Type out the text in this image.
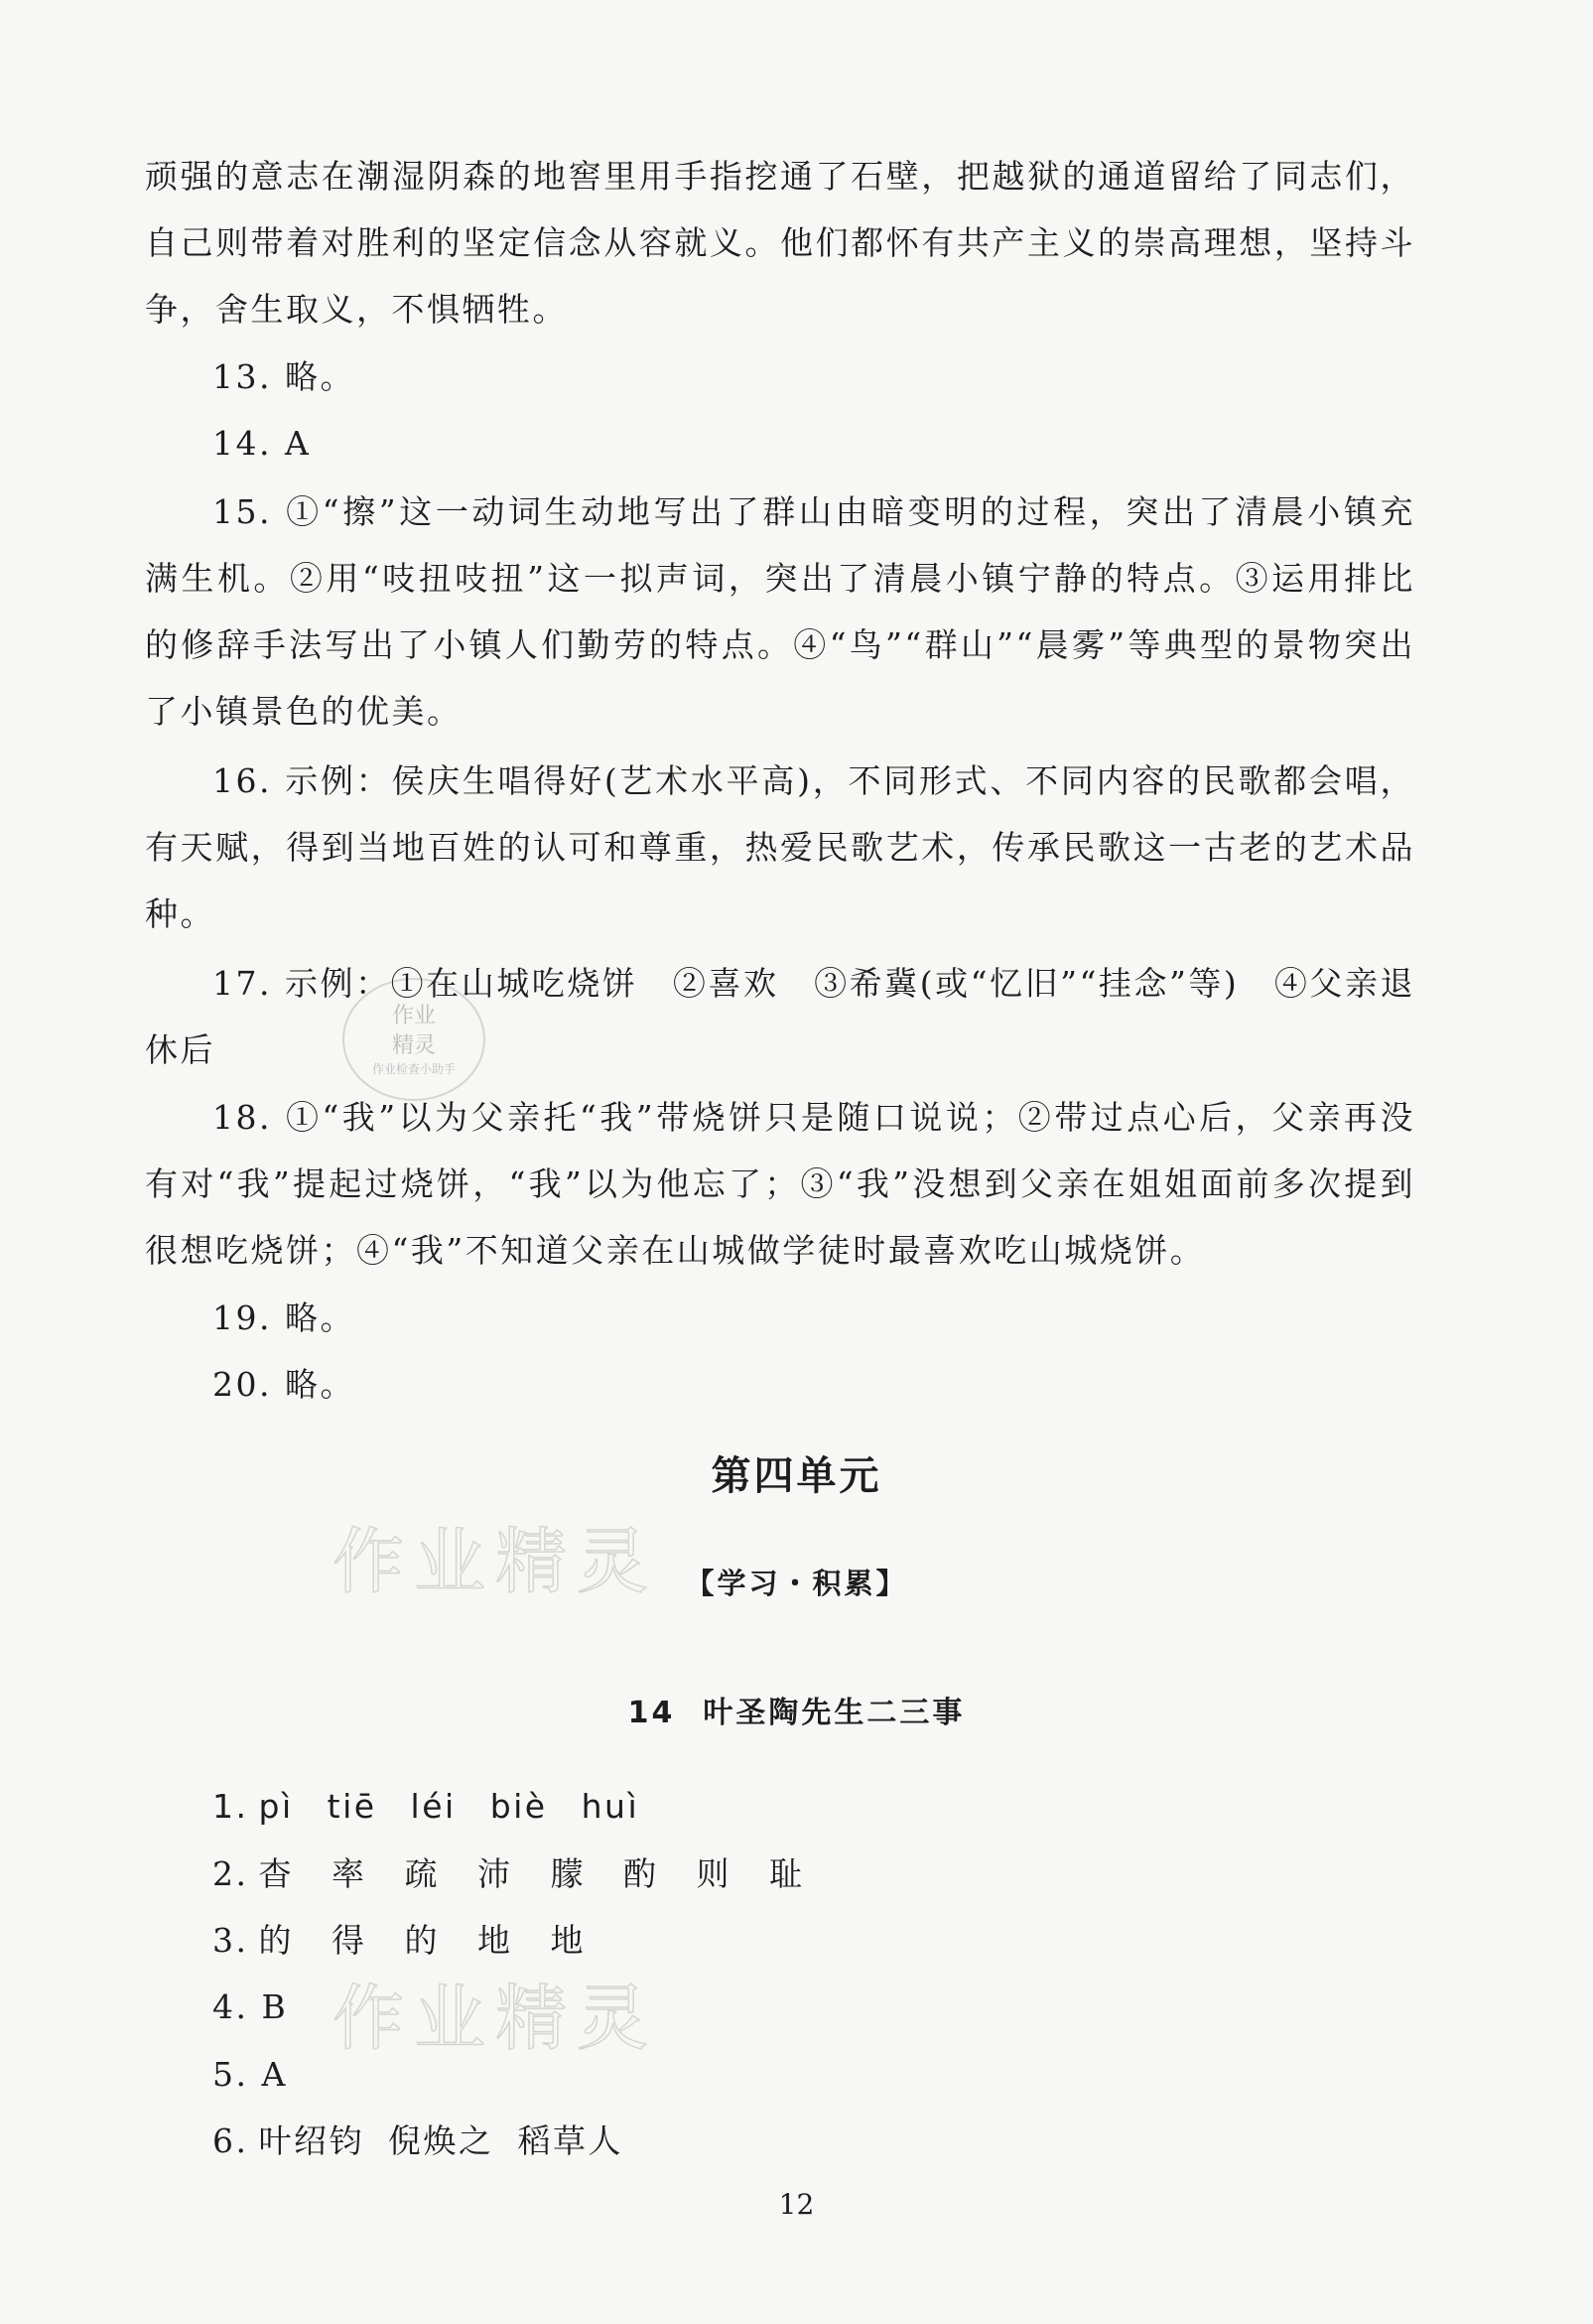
作业精灵
作业精灵
作业
精灵
作业检查小助手
顽强的意志在潮湿阴森的地窖里用手指挖通了石壁，把越狱的通道留给了同志们，自己则带着对胜利的坚定信念从容就义。他们都怀有共产主义的崇高理想，坚持斗争，舍生取义，不惧牺牲。
13. 略。
14. A
15. ①“擦”这一动词生动地写出了群山由暗变明的过程，突出了清晨小镇充满生机。②用“吱扭吱扭”这一拟声词，突出了清晨小镇宁静的特点。③运用排比的修辞手法写出了小镇人们勤劳的特点。④“鸟”“群山”“晨雾”等典型的景物突出了小镇景色的优美。
16. 示例：侯庆生唱得好(艺术水平高)，不同形式、不同内容的民歌都会唱，有天赋，得到当地百姓的认可和尊重，热爱民歌艺术，传承民歌这一古老的艺术品种。
17. 示例：①在山城吃烧饼　②喜欢　③希冀(或“忆旧”“挂念”等)　④父亲退休后
18. ①“我”以为父亲托“我”带烧饼只是随口说说；②带过点心后，父亲再没有对“我”提起过烧饼，“我”以为他忘了；③“我”没想到父亲在姐姐面前多次提到很想吃烧饼；④“我”不知道父亲在山城做学徒时最喜欢吃山城烧饼。
19. 略。
20. 略。
第四单元
【学习・积累】
14 叶圣陶先生二三事
1. pì tiē léi biè huì
2. 杳 率 疏 沛 朦 酌 则 耻
3. 的 得 的 地 地
4. B
5. A
6. 叶绍钧 倪焕之 稻草人
12
